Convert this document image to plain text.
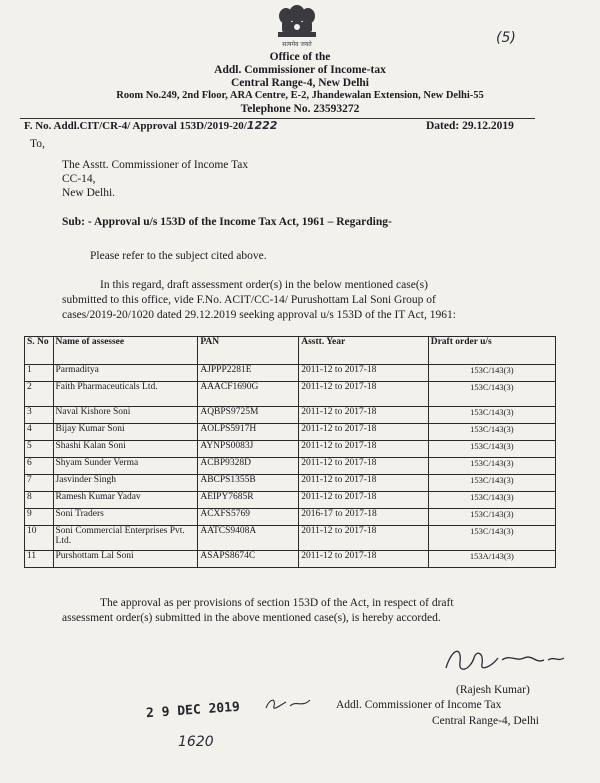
सत्यमेव जयते	(5)
Office of the
Addl. Commissioner of Income-tax
Central Range-4, New Delhi
Room No.249, 2nd Floor, ARA Centre, E-2, Jhandewalan Extension, New Delhi-55
Telephone No. 23593272
F. No. Addl.CIT/CR-4/ Approval 153D/2019-20/1222	Dated: 29.12.2019
To,
The Asstt. Commissioner of Income Tax
CC-14,
New Delhi.
Sub: - Approval u/s 153D of the Income Tax Act, 1961 – Regarding-
Please refer to the subject cited above.
In this regard, draft assessment order(s) in the below mentioned case(s)
submitted to this office, vide F.No. ACIT/CC-14/ Purushottam Lal Soni Group of
cases/2019-20/1020 dated 29.12.2019 seeking approval u/s 153D of the IT Act, 1961:
S. No	Name of assessee	PAN	Asstt. Year	Draft order u/s
1	Parmaditya	AJPPP2281E	2011-12 to 2017-18	153C/143(3)
2	Faith Pharmaceuticals Ltd.	AAACF1690G	2011-12 to 2017-18	153C/143(3)
3	Naval Kishore Soni	AQBPS9725M	2011-12 to 2017-18	153C/143(3)
4	Bijay Kumar Soni	AOLPS5917H	2011-12 to 2017-18	153C/143(3)
5	Shashi Kalan Soni	AYNPS0083J	2011-12 to 2017-18	153C/143(3)
6	Shyam Sunder Verma	ACBP9328D	2011-12 to 2017-18	153C/143(3)
7	Jasvinder Singh	ABCPS1355B	2011-12 to 2017-18	153C/143(3)
8	Ramesh Kumar Yadav	AEIPY7685R	2011-12 to 2017-18	153C/143(3)
9	Soni Traders	ACXFS5769	2016-17 to 2017-18	153C/143(3)
10	Soni Commercial Enterprises Pvt. Ltd.	AATCS9408A	2011-12 to 2017-18	153C/143(3)
11	Purshottam Lal Soni	ASAPS8674C	2011-12 to 2017-18	153A/143(3)
The approval as per provisions of section 153D of the Act, in respect of draft
assessment order(s) submitted in the above mentioned case(s), is hereby accorded.
(Rajesh Kumar)
Addl. Commissioner of Income Tax
Central Range-4, Delhi
2 9 DEC 2019
1620
